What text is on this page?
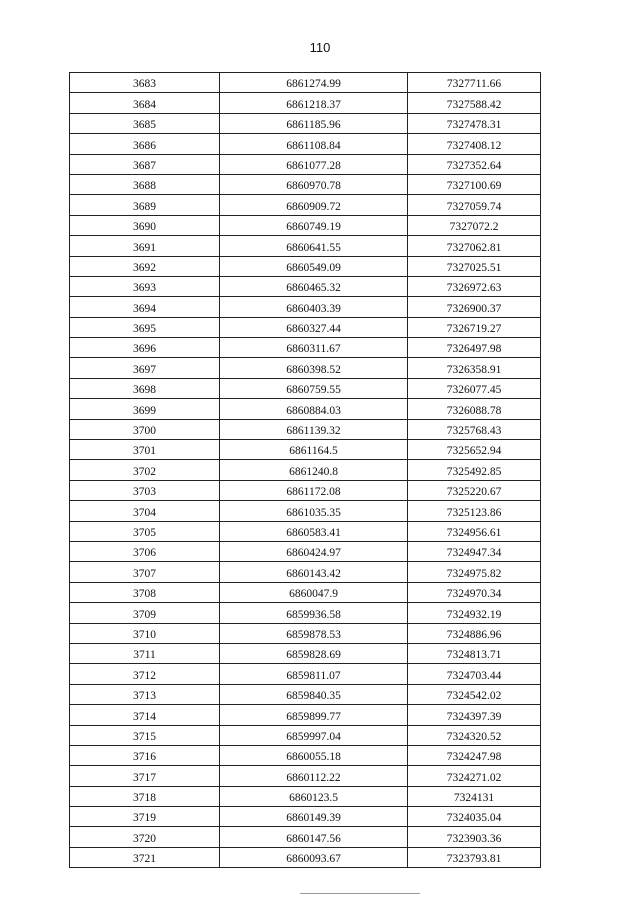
110
3683	6861274.99	7327711.66
3684	6861218.37	7327588.42
3685	6861185.96	7327478.31
3686	6861108.84	7327408.12
3687	6861077.28	7327352.64
3688	6860970.78	7327100.69
3689	6860909.72	7327059.74
3690	6860749.19	7327072.2
3691	6860641.55	7327062.81
3692	6860549.09	7327025.51
3693	6860465.32	7326972.63
3694	6860403.39	7326900.37
3695	6860327.44	7326719.27
3696	6860311.67	7326497.98
3697	6860398.52	7326358.91
3698	6860759.55	7326077.45
3699	6860884.03	7326088.78
3700	6861139.32	7325768.43
3701	6861164.5	7325652.94
3702	6861240.8	7325492.85
3703	6861172.08	7325220.67
3704	6861035.35	7325123.86
3705	6860583.41	7324956.61
3706	6860424.97	7324947.34
3707	6860143.42	7324975.82
3708	6860047.9	7324970.34
3709	6859936.58	7324932.19
3710	6859878.53	7324886.96
3711	6859828.69	7324813.71
3712	6859811.07	7324703.44
3713	6859840.35	7324542.02
3714	6859899.77	7324397.39
3715	6859997.04	7324320.52
3716	6860055.18	7324247.98
3717	6860112.22	7324271.02
3718	6860123.5	7324131
3719	6860149.39	7324035.04
3720	6860147.56	7323903.36
3721	6860093.67	7323793.81
